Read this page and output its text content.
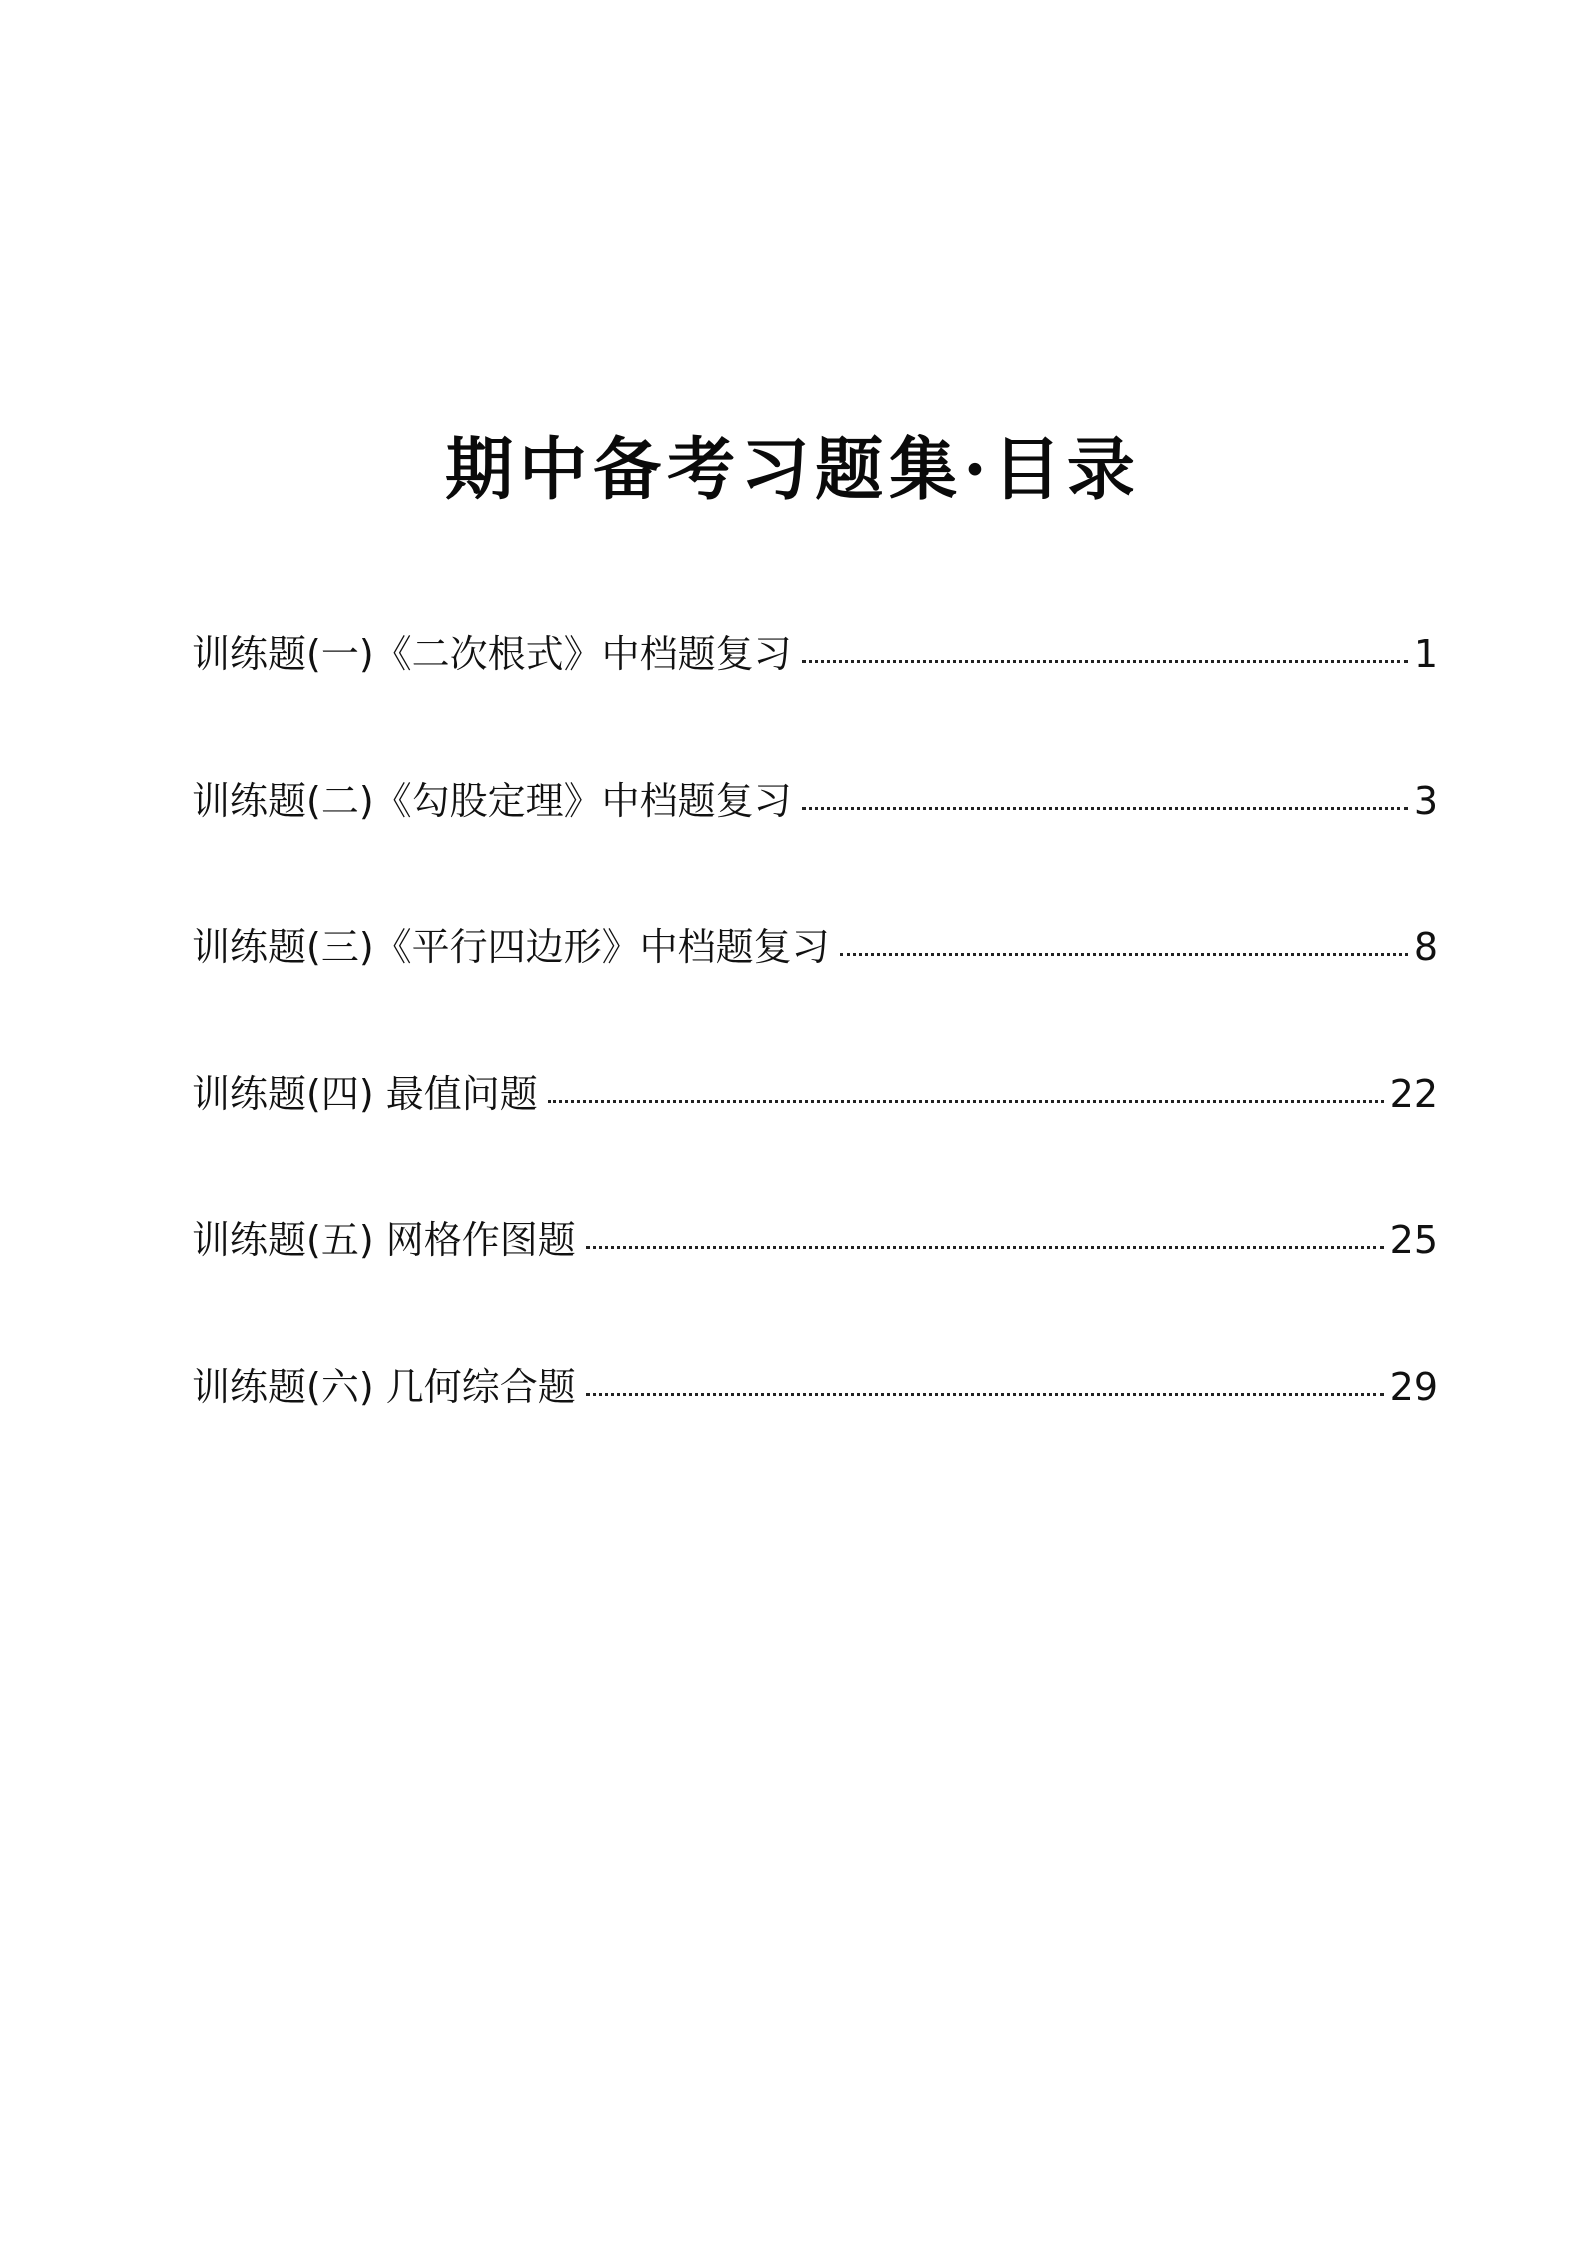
期中备考习题集·目录
训练题(一)《二次根式》中档题复习	1
训练题(二)《勾股定理》中档题复习	3
训练题(三)《平行四边形》中档题复习	8
训练题(四) 最值问题	22
训练题(五) 网格作图题	25
训练题(六) 几何综合题	29
